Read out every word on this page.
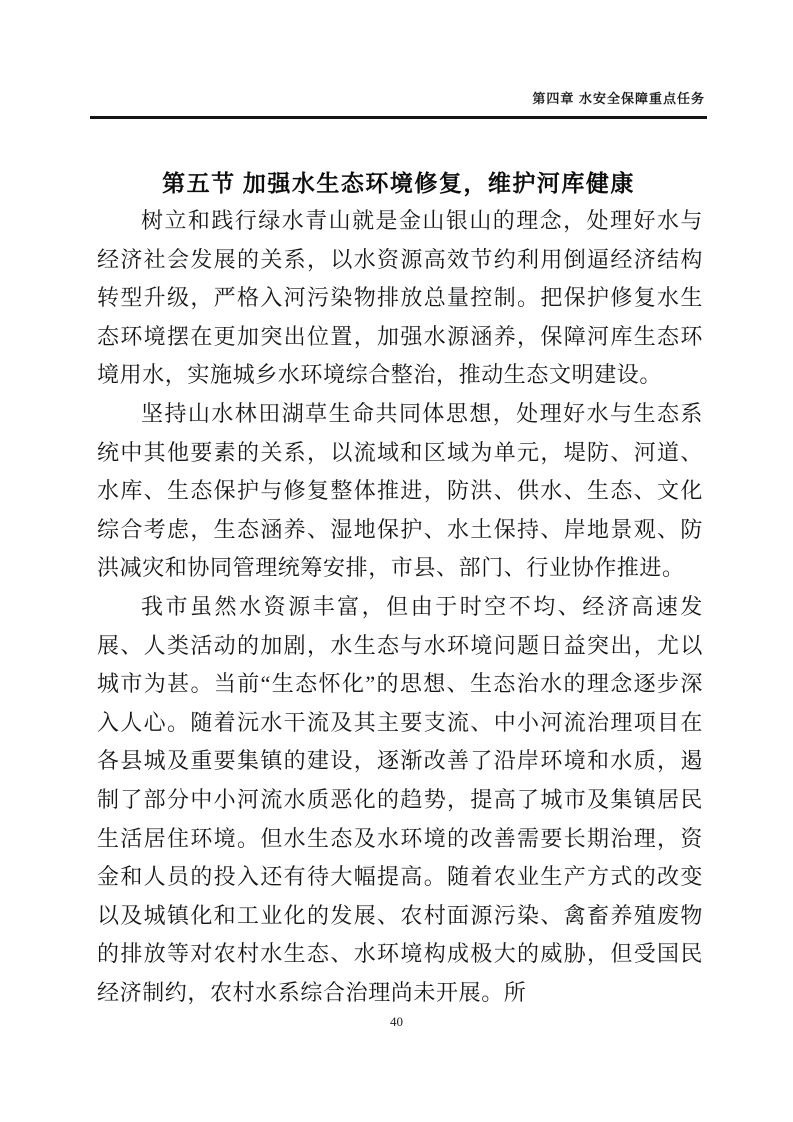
第四章 水安全保障重点任务
第五节 加强水生态环境修复，维护河库健康

树立和践行绿水青山就是金山银山的理念，处理好水与经济社会发展的关系，以水资源高效节约利用倒逼经济结构转型升级，严格入河污染物排放总量控制。把保护修复水生态环境摆在更加突出位置，加强水源涵养，保障河库生态环境用水，实施城乡水环境综合整治，推动生态文明建设。

坚持山水林田湖草生命共同体思想，处理好水与生态系统中其他要素的关系，以流域和区域为单元，堤防、河道、水库、生态保护与修复整体推进，防洪、供水、生态、文化综合考虑，生态涵养、湿地保护、水土保持、岸地景观、防洪减灾和协同管理统筹安排，市县、部门、行业协作推进。

我市虽然水资源丰富，但由于时空不均、经济高速发展、人类活动的加剧，水生态与水环境问题日益突出，尤以城市为甚。当前“生态怀化”的思想、生态治水的理念逐步深入人心。随着沅水干流及其主要支流、中小河流治理项目在各县城及重要集镇的建设，逐渐改善了沿岸环境和水质，遏制了部分中小河流水质恶化的趋势，提高了城市及集镇居民生活居住环境。但水生态及水环境的改善需要长期治理，资金和人员的投入还有待大幅提高。随着农业生产方式的改变以及城镇化和工业化的发展、农村面源污染、禽畜养殖废物的排放等对农村水生态、水环境构成极大的威胁，但受国民经济制约，农村水系综合治理尚未开展。所

40
